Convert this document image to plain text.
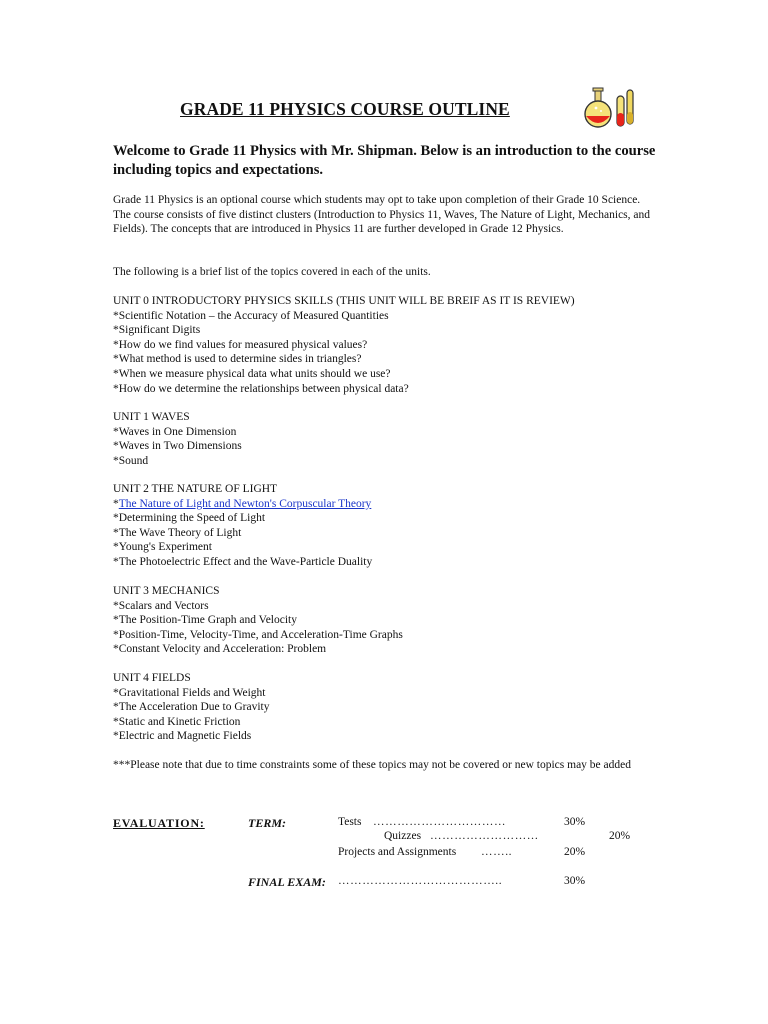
GRADE 11 PHYSICS COURSE OUTLINE

Welcome to Grade 11 Physics with Mr. Shipman. Below is an introduction to the course including topics and expectations.

Grade 11 Physics is an optional course which students may opt to take upon completion of their Grade 10 Science. The course consists of five distinct clusters (Introduction to Physics 11, Waves, The Nature of Light, Mechanics, and Fields). The concepts that are introduced in Physics 11 are further developed in Grade 12 Physics.

The following is a brief list of the topics covered in each of the units.

UNIT 0 INTRODUCTORY PHYSICS SKILLS (THIS UNIT WILL BE BREIF AS IT IS REVIEW)
*Scientific Notation – the Accuracy of Measured Quantities
*Significant Digits
*How do we find values for measured physical values?
*What method is used to determine sides in triangles?
*When we measure physical data what units should we use?
*How do we determine the relationships between physical data?
UNIT 1 WAVES
*Waves in One Dimension
*Waves in Two Dimensions
*Sound
UNIT 2 THE NATURE OF LIGHT
*The Nature of Light and Newton's Corpuscular Theory
*Determining the Speed of Light
*The Wave Theory of Light
*Young's Experiment
*The Photoelectric Effect and the Wave-Particle Duality
UNIT 3 MECHANICS
*Scalars and Vectors
*The Position-Time Graph and Velocity
*Position-Time, Velocity-Time, and Acceleration-Time Graphs
*Constant Velocity and Acceleration: Problem
UNIT 4 FIELDS
*Gravitational Fields and Weight
*The Acceleration Due to Gravity
*Static and Kinetic Friction
*Electric and Magnetic Fields

***Please note that due to time constraints some of these topics may not be covered or new topics may be added

EVALUATION:	TERM:	Tests ……………………………	30%
Quizzes ………………………	20%
Projects and Assignments ……..	20%
FINAL EXAM: …………………………………..	30%
